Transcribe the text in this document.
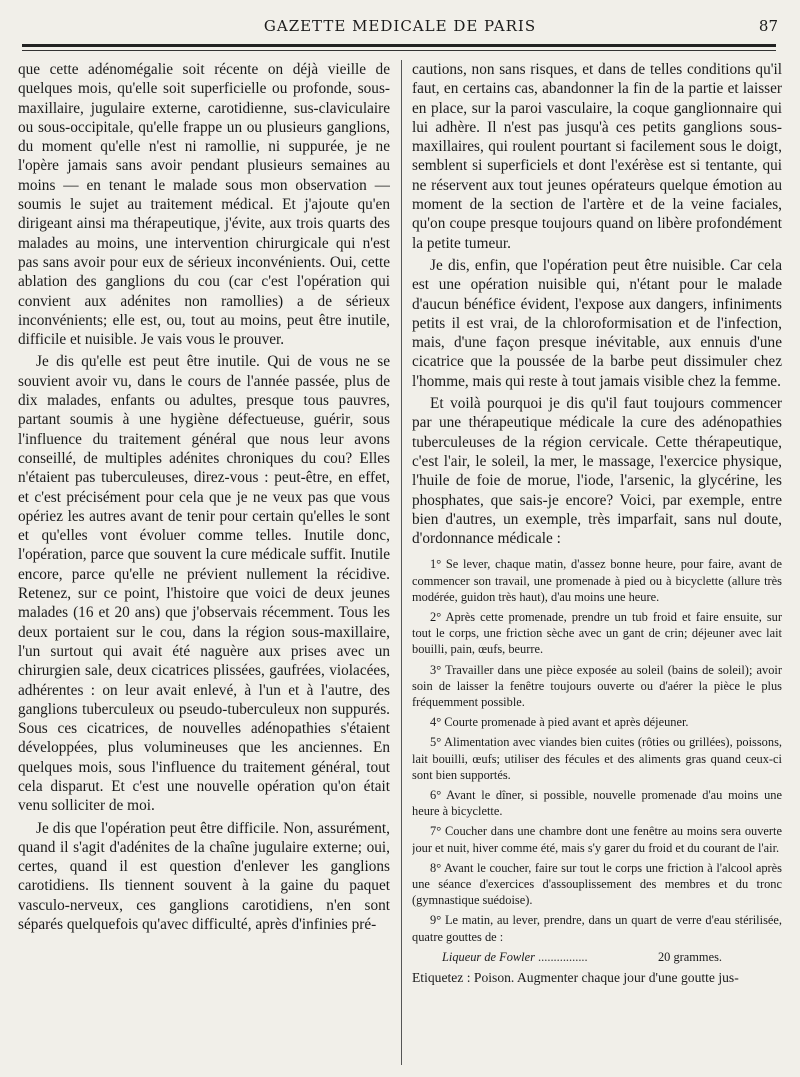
GAZETTE MEDICALE DE PARIS	87

que cette adénomégalie soit récente on déjà vieille de quelques mois, qu'elle soit superficielle ou profonde, sous-maxillaire, jugulaire externe, carotidienne, sus-claviculaire ou sous-occipitale, qu'elle frappe un ou plusieurs ganglions, du moment qu'elle n'est ni ramollie, ni suppurée, je ne l'opère jamais sans avoir pendant plusieurs semaines au moins — en tenant le malade sous mon observation — soumis le sujet au traitement médical. Et j'ajoute qu'en dirigeant ainsi ma thérapeutique, j'évite, aux trois quarts des malades au moins, une intervention chirurgicale qui n'est pas sans avoir pour eux de sérieux inconvénients. Oui, cette ablation des ganglions du cou (car c'est l'opération qui convient aux adénites non ramollies) a de sérieux inconvénients; elle est, ou, tout au moins, peut être inutile, difficile et nuisible. Je vais vous le prouver.

Je dis qu'elle est peut être inutile. Qui de vous ne se souvient avoir vu, dans le cours de l'année passée, plus de dix malades, enfants ou adultes, presque tous pauvres, partant soumis à une hygiène défectueuse, guérir, sous l'influence du traitement général que nous leur avons conseillé, de multiples adénites chroniques du cou? Elles n'étaient pas tuberculeuses, direz-vous : peut-être, en effet, et c'est précisément pour cela que je ne veux pas que vous opériez les autres avant de tenir pour certain qu'elles le sont et qu'elles vont évoluer comme telles. Inutile donc, l'opération, parce que souvent la cure médicale suffit. Inutile encore, parce qu'elle ne prévient nullement la récidive. Retenez, sur ce point, l'histoire que voici de deux jeunes malades (16 et 20 ans) que j'observais récemment. Tous les deux portaient sur le cou, dans la région sous-maxillaire, l'un surtout qui avait été naguère aux prises avec un chirurgien sale, deux cicatrices plissées, gaufrées, violacées, adhérentes : on leur avait enlevé, à l'un et à l'autre, des ganglions tuberculeux ou pseudo-tuberculeux non suppurés. Sous ces cicatrices, de nouvelles adénopathies s'étaient développées, plus volumineuses que les anciennes. En quelques mois, sous l'influence du traitement général, tout cela disparut. Et c'est une nouvelle opération qu'on était venu solliciter de moi.

Je dis que l'opération peut être difficile. Non, assurément, quand il s'agit d'adénites de la chaîne jugulaire externe; oui, certes, quand il est question d'enlever les ganglions carotidiens. Ils tiennent souvent à la gaine du paquet vasculo-nerveux, ces ganglions carotidiens, n'en sont séparés quelquefois qu'avec difficulté, après d'infinies pré-

cautions, non sans risques, et dans de telles conditions qu'il faut, en certains cas, abandonner la fin de la partie et laisser en place, sur la paroi vasculaire, la coque ganglionnaire qui lui adhère. Il n'est pas jusqu'à ces petits ganglions sous-maxillaires, qui roulent pourtant si facilement sous le doigt, semblent si superficiels et dont l'exérèse est si tentante, qui ne réservent aux tout jeunes opérateurs quelque émotion au moment de la section de l'artère et de la veine faciales, qu'on coupe presque toujours quand on libère profondément la petite tumeur.

Je dis, enfin, que l'opération peut être nuisible. Car cela est une opération nuisible qui, n'étant pour le malade d'aucun bénéfice évident, l'expose aux dangers, infiniments petits il est vrai, de la chloroformisation et de l'infection, mais, d'une façon presque inévitable, aux ennuis d'une cicatrice que la poussée de la barbe peut dissimuler chez l'homme, mais qui reste à tout jamais visible chez la femme.

Et voilà pourquoi je dis qu'il faut toujours commencer par une thérapeutique médicale la cure des adénopathies tuberculeuses de la région cervicale. Cette thérapeutique, c'est l'air, le soleil, la mer, le massage, l'exercice physique, l'huile de foie de morue, l'iode, l'arsenic, la glycérine, les phosphates, que sais-je encore? Voici, par exemple, entre bien d'autres, un exemple, très imparfait, sans nul doute, d'ordonnance médicale :

1° Se lever, chaque matin, d'assez bonne heure, pour faire, avant de commencer son travail, une promenade à pied ou à bicyclette (allure très modérée, guidon très haut), d'au moins une heure.

2° Après cette promenade, prendre un tub froid et faire ensuite, sur tout le corps, une friction sèche avec un gant de crin; déjeuner avec lait bouilli, pain, œufs, beurre.

3° Travailler dans une pièce exposée au soleil (bains de soleil); avoir soin de laisser la fenêtre toujours ouverte ou d'aérer la pièce le plus fréquemment possible.

4° Courte promenade à pied avant et après déjeuner.

5° Alimentation avec viandes bien cuites (rôties ou grillées), poissons, lait bouilli, œufs; utiliser des fécules et des aliments gras quand ceux-ci sont bien supportés.

6° Avant le dîner, si possible, nouvelle promenade d'au moins une heure à bicyclette.

7° Coucher dans une chambre dont une fenêtre au moins sera ouverte jour et nuit, hiver comme été, mais s'y garer du froid et du courant de l'air.

8° Avant le coucher, faire sur tout le corps une friction à l'alcool après une séance d'exercices d'assouplissement des membres et du tronc (gymnastique suédoise).

9° Le matin, au lever, prendre, dans un quart de verre d'eau stérilisée, quatre gouttes de :

Liqueur de Fowler ................	20 grammes.

Etiquetez : Poison. Augmenter chaque jour d'une goutte jus-
